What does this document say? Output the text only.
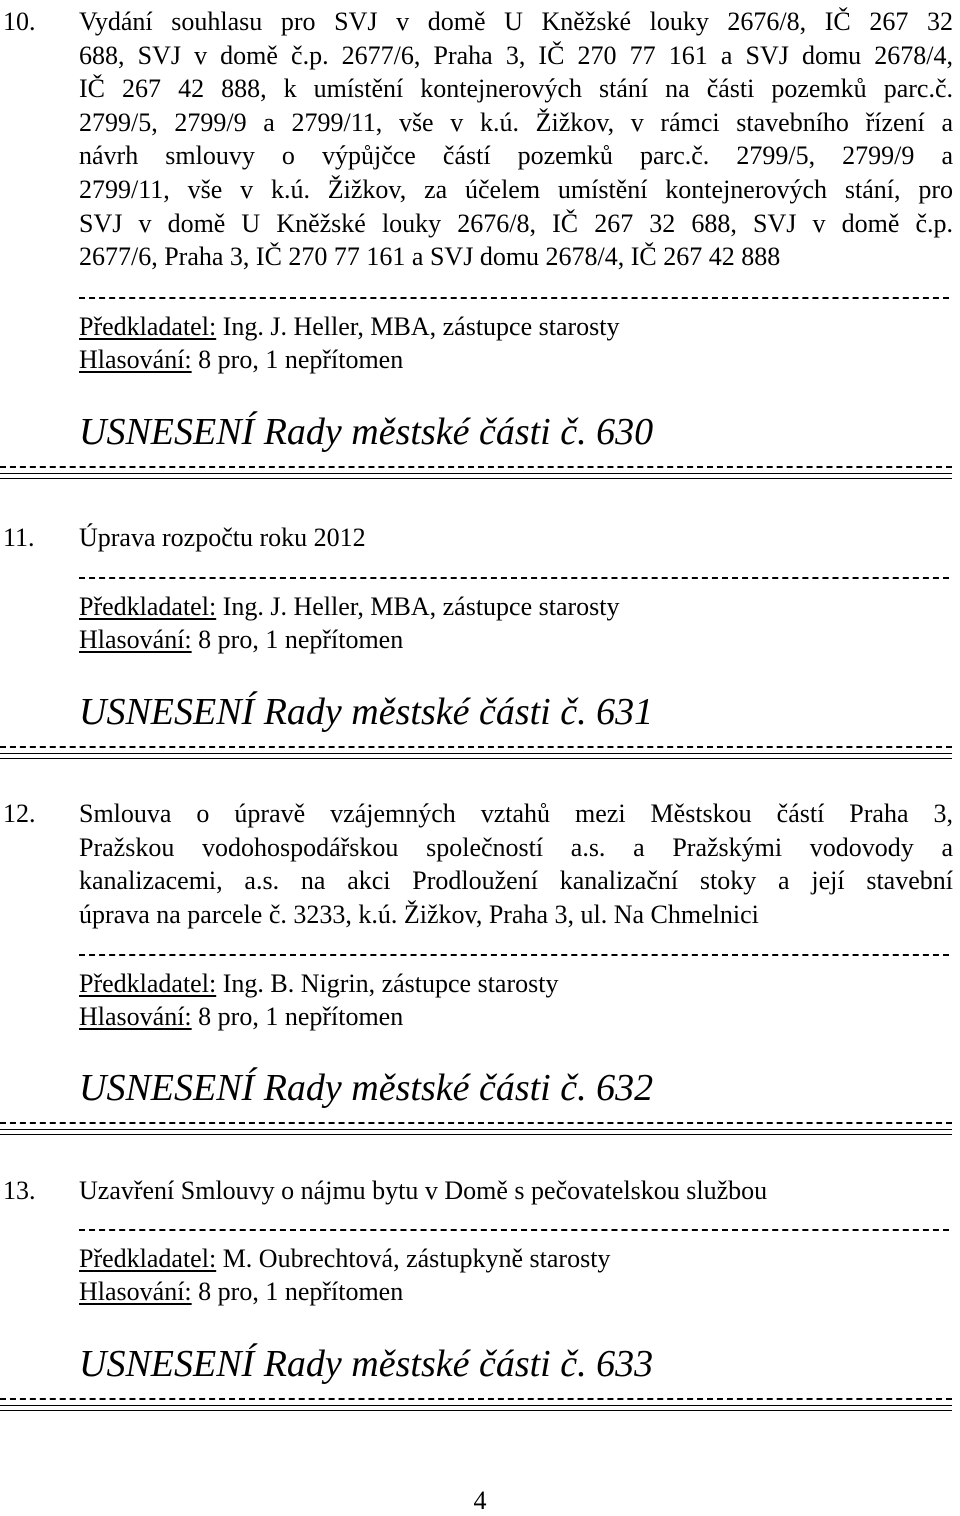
10. Vydání souhlasu pro SVJ v domě U Kněžské louky 2676/8, IČ 267 32
688, SVJ v domě č.p. 2677/6, Praha 3, IČ 270 77 161 a SVJ domu 2678/4,
IČ 267 42 888, k umístění kontejnerových stání na části pozemků parc.č.
2799/5, 2799/9 a 2799/11, vše v k.ú. Žižkov, v rámci stavebního řízení a
návrh smlouvy o výpůjčce částí pozemků parc.č. 2799/5, 2799/9 a
2799/11, vše v k.ú. Žižkov, za účelem umístění kontejnerových stání, pro
SVJ v domě U Kněžské louky 2676/8, IČ 267 32 688, SVJ v domě č.p.
2677/6, Praha 3, IČ 270 77 161 a SVJ domu 2678/4, IČ 267 42 888
Předkladatel: Ing. J. Heller, MBA, zástupce starosty
Hlasování: 8 pro, 1 nepřítomen
USNESENÍ Rady městské části č. 630
11. Úprava rozpočtu roku 2012
Předkladatel: Ing. J. Heller, MBA, zástupce starosty
Hlasování: 8 pro, 1 nepřítomen
USNESENÍ Rady městské části č. 631
12. Smlouva o úpravě vzájemných vztahů mezi Městskou částí Praha 3,
Pražskou vodohospodářskou společností a.s. a Pražskými vodovody a
kanalizacemi, a.s. na akci Prodloužení kanalizační stoky a její stavební
úprava na parcele č. 3233, k.ú. Žižkov, Praha 3, ul. Na Chmelnici
Předkladatel: Ing. B. Nigrin, zástupce starosty
Hlasování: 8 pro, 1 nepřítomen
USNESENÍ Rady městské části č. 632
13. Uzavření Smlouvy o nájmu bytu v Domě s pečovatelskou službou
Předkladatel: M. Oubrechtová, zástupkyně starosty
Hlasování: 8 pro, 1 nepřítomen
USNESENÍ Rady městské části č. 633
4
